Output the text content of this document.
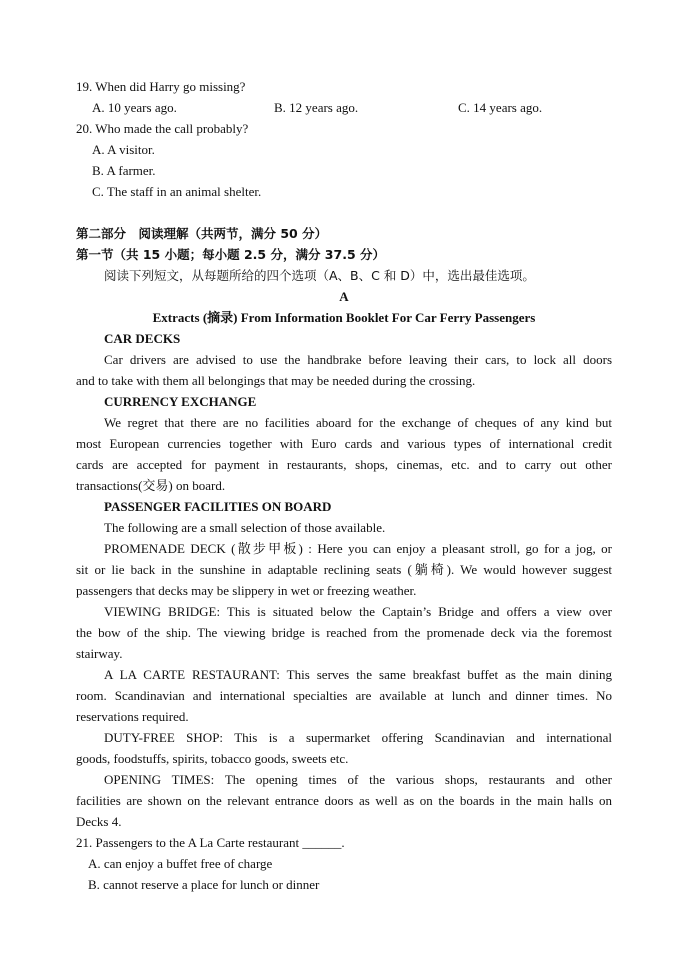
19. When did Harry go missing?
A. 10 years ago.	B. 12 years ago.	C. 14 years ago.
20. Who made the call probably?
A. A visitor.
B. A farmer.
C. The staff in an animal shelter.
第二部分　阅读理解（共两节，满分 50 分）
第一节（共 15 小题；每小题 2.5 分，满分 37.5 分）
阅读下列短文，从每题所给的四个选项（A、B、C 和 D）中，选出最佳选项。
A
Extracts (摘录) From Information Booklet For Car Ferry Passengers
CAR DECKS
Car drivers are advised to use the handbrake before leaving their cars, to lock all doors
and to take with them all belongings that may be needed during the crossing.
CURRENCY EXCHANGE
We regret that there are no facilities aboard for the exchange of cheques of any kind but
most European currencies together with Euro cards and various types of international credit
cards are accepted for payment in restaurants, shops, cinemas, etc. and to carry out other
transactions(交易) on board.
PASSENGER FACILITIES ON BOARD
The following are a small selection of those available.
PROMENADE DECK (散步甲板) : Here you can enjoy a pleasant stroll, go for a jog, or
sit or lie back in the sunshine in adaptable reclining seats (躺椅). We would however suggest
passengers that decks may be slippery in wet or freezing weather.
VIEWING BRIDGE: This is situated below the Captain’s Bridge and offers a view over
the bow of the ship. The viewing bridge is reached from the promenade deck via the foremost
stairway.
A LA CARTE RESTAURANT: This serves the same breakfast buffet as the main dining
room. Scandinavian and international specialties are available at lunch and dinner times. No
reservations required.
DUTY-FREE SHOP: This is a supermarket offering Scandinavian and international
goods, foodstuffs, spirits, tobacco goods, sweets etc.
OPENING TIMES: The opening times of the various shops, restaurants and other
facilities are shown on the relevant entrance doors as well as on the boards in the main halls on
Decks 4.
21. Passengers to the A La Carte restaurant ______.
A. can enjoy a buffet free of charge
B. cannot reserve a place for lunch or dinner
